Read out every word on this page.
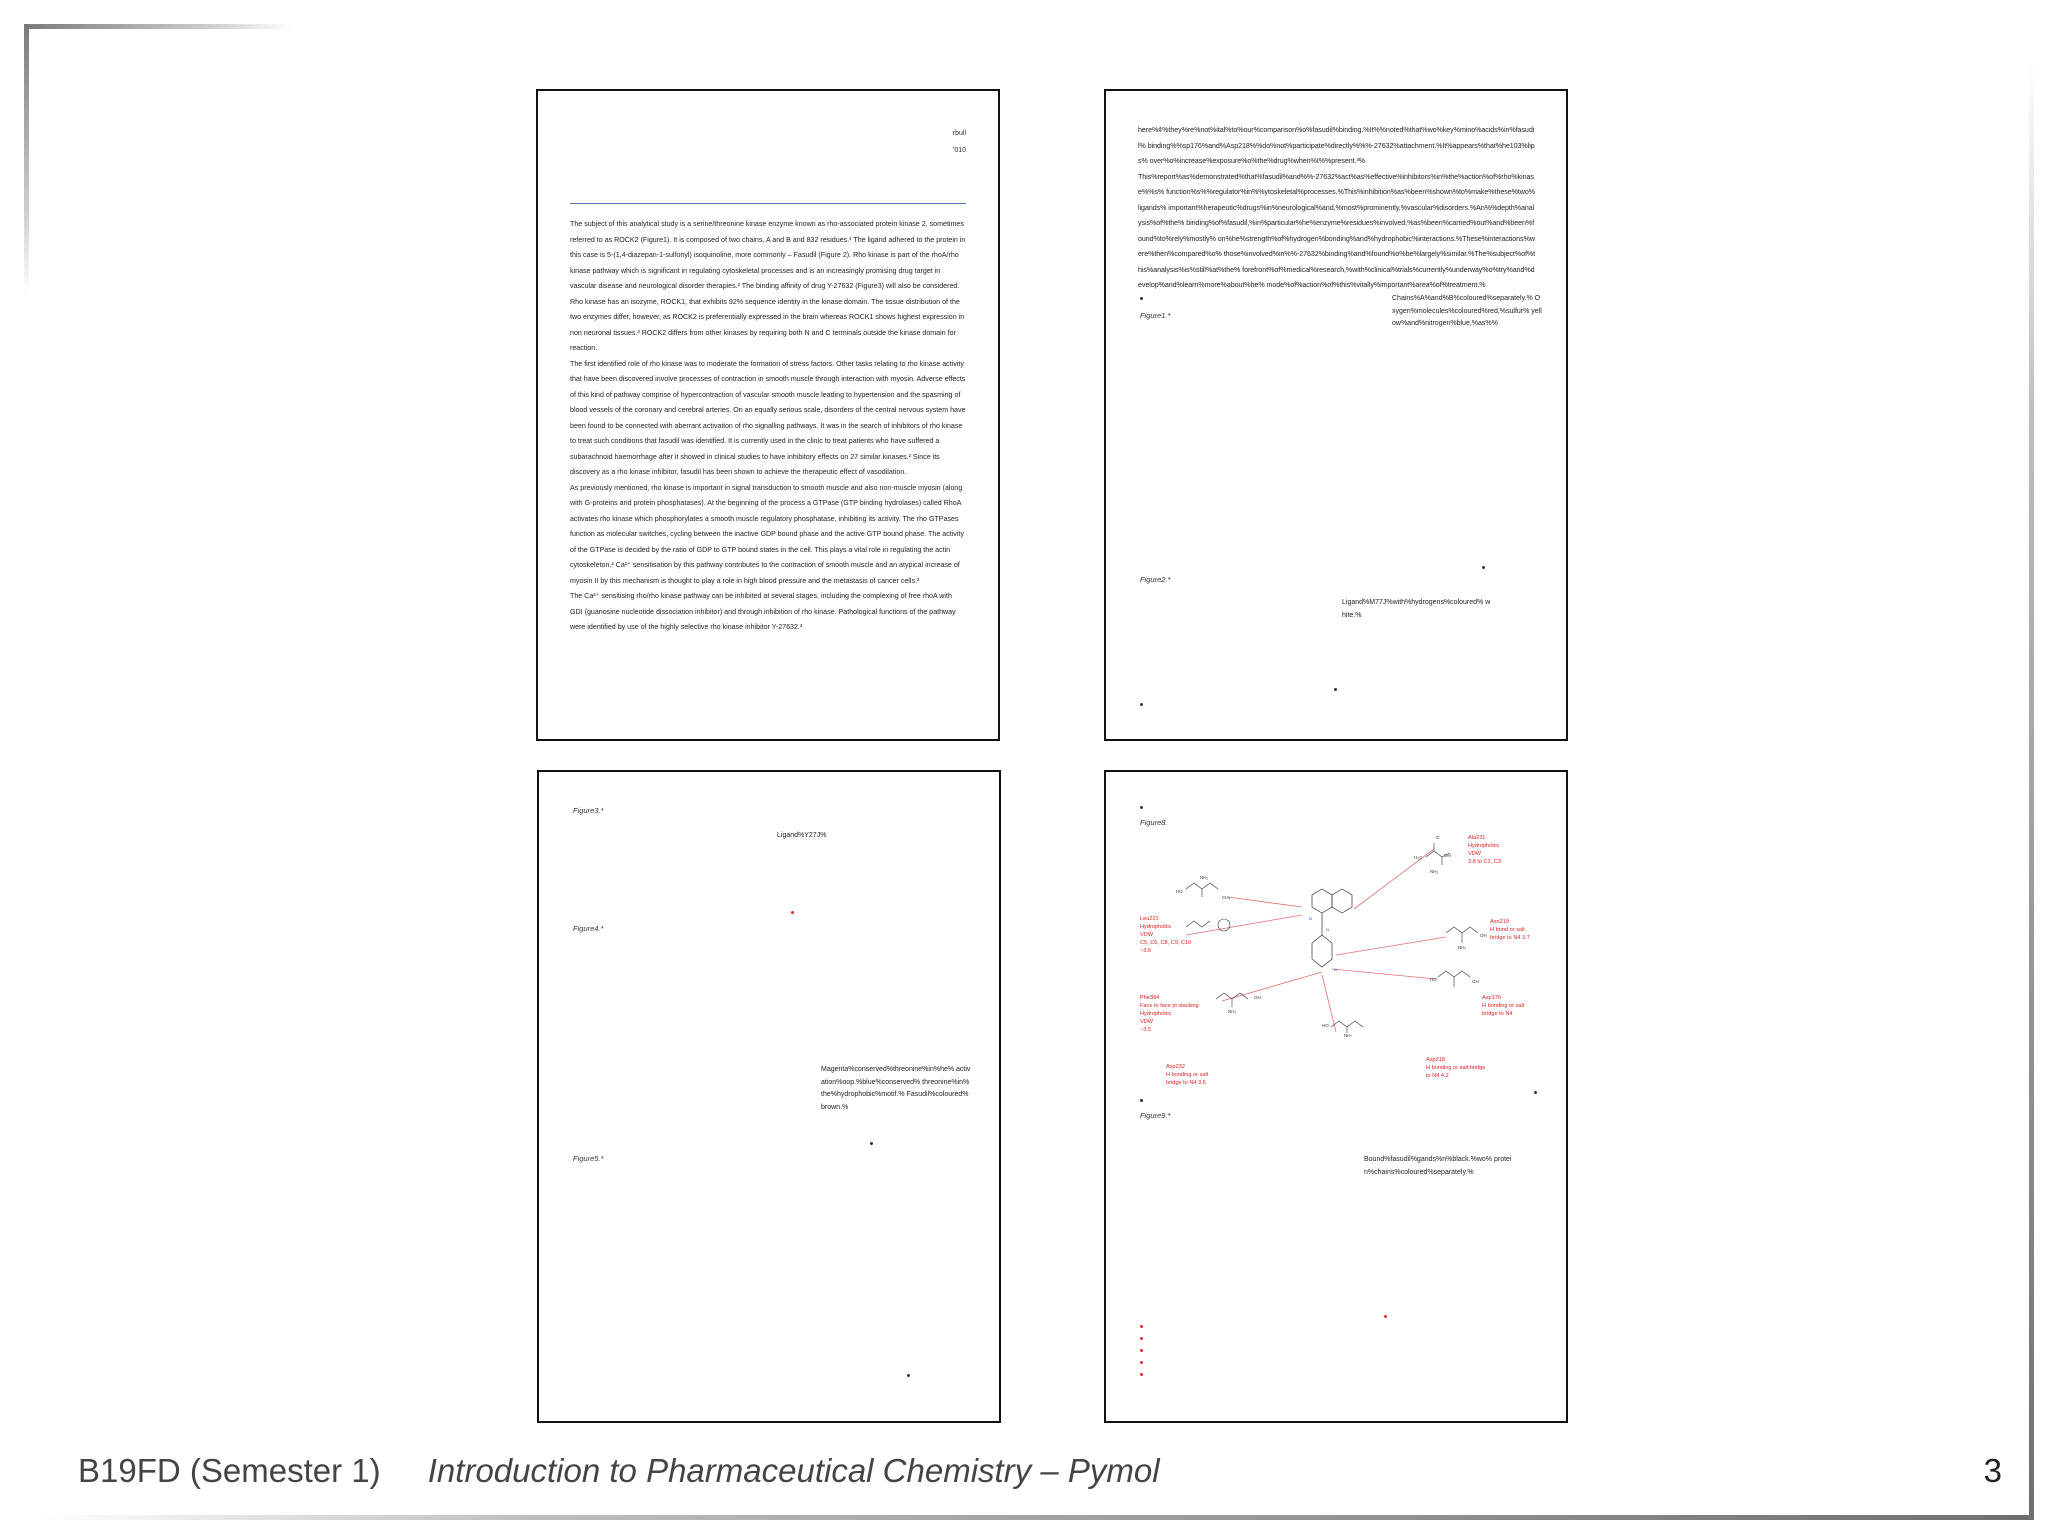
rbull
'010

The subject of this analytical study is a serine/threonine kinase enzyme known as rho-associated protein kinase 2, sometimes referred to as ROCK2 (Figure1). It is composed of two chains, A and B and 832 residues.¹ The ligand adhered to the protein in this case is 5-(1,4-diazepan-1-sulfonyl) isoquinoline, more commonly – Fasudil (Figure 2). Rho kinase is part of the rhoA/rho kinase pathway which is significant in regulating cytoskeletal processes and is an increasingly promising drug target in vascular disease and neurological disorder therapies.² The binding affinity of drug Y-27632 (Figure3) will also be considered.

Rho kinase has an isozyme, ROCK1, that exhibits 92% sequence identity in the kinase domain. The tissue distribution of the two enzymes differ, however, as ROCK2 is preferentially expressed in the brain whereas ROCK1 shows highest expression in non neuronal tissues.³ ROCK2 differs from other kinases by requiring both N and C terminals outside the kinase domain for reaction.

The first identified role of rho kinase was to moderate the formation of stress factors. Other tasks relating to rho kinase activity that have been discovered involve processes of contraction in smooth muscle through interaction with myosin. Adverse effects of this kind of pathway comprise of hypercontraction of vascular smooth muscle leading to hypertension and the spasming of blood vessels of the coronary and cerebral arteries. On an equally serious scale, disorders of the central nervous system have been found to be connected with aberrant activation of rho signalling pathways. It was in the search of inhibitors of rho kinase to treat such conditions that fasudil was identified. It is currently used in the clinic to treat patients who have suffered a subarachnoid haemorrhage after it showed in clinical studies to have inhibitory effects on 27 similar kinases.² Since its discovery as a rho kinase inhibitor, fasudil has been shown to achieve the therapeutic effect of vasodilation.

As previously mentioned, rho kinase is important in signal transduction to smooth muscle and also non-muscle myosin (along with G-proteins and protein phosphatases). At the beginning of the process a GTPase (GTP binding hydrolases) called RhoA activates rho kinase which phosphorylates a smooth muscle regulatory phosphatase, inhibiting its activity. The rho GTPases function as molecular switches, cycling between the inactive GDP bound phase and the active GTP bound phase. The activity of the GTPase is decided by the ratio of GDP to GTP bound states in the cell. This plays a vital role in regulating the actin cytoskeleton.² Ca²⁺ sensitisation by this pathway contributes to the contraction of smooth muscle and an atypical increase of myosin II by this mechanism is thought to play a role in high blood pressure and the metastasis of cancer cells.²

The Ca²⁺ sensitising rho/rho kinase pathway can be inhibited at several stages, including the complexing of free rhoA with GDI (guanosine nucleotide dissociation inhibitor) and through inhibition of rho kinase. Pathological functions of the pathway were identified by use of the highly selective rho kinase inhibitor Y-27632.³

here%¢%they%re%not%ital%to%our%comparison%o%fasudil%binding.%It%%noted%that%wo%key%mino%acids%in%fasudil% binding%%sp176%and%Asp218%%do%not%participate%directly%%%-27632%attachment.%It%appears%that%he103%lips% over%o%increase%exposure%o%the%drug%when%I%%present.³%

This%report%as%demonstrated%that%fasudil%and%%-27632%act%as%effective%inhibitors%in%the%action%of%rho%kinase%%s% function%s%%regulator%in%%ytoskeletal%processes.%This%inhibition%as%been%shown%to%make%these%two%ligands% important%herapeutic%drugs%in%neurological%and,%most%prominently,%vascular%disorders.%An%%depth%analysis%of%the% binding%of%fasudil,%in%particular%he%enzyme%residues%involved,%as%been%carried%out%and%been%found%to%rely%mostly% on%he%strength%of%hydrogen%bonding%and%hydrophobic%interactions.%These%interactions%were%then%compared%o% those%involved%in%%-27632%binding%and%found%o%be%largely%similar.%The%subject%of%this%analysis%is%still%at%the% forefront%of%medical%research,%with%clinical%trials%currently%underway%o%try%and%develop%and%learn%more%about%he% mode%of%action%of%this%vitally%important%area%of%treatment.%

Figure1.*
Chains%A%and%B%coloured%separately.% Oxygen%molecules%coloured%red,%sulfur% yellow%and%nitrogen%blue,%as%%
Figure2.*
Ligand%M77J%with%hydrogens%coloured% white.%
Figure3.*
Ligand%Y27J%
Figure4.*
Magenta%conserved%threonine%in%he% activation%oop.%blue%conserved% threonine%in%the%hydrophobic%motif.% Fasudil%coloured%brown.%
Figure5.*
Figure8.
N
N
N
H₃C	OH
NH₂
O
HO
CH₃
NH₂
OH
NH₂
OH
HO
NH₂
OH
HO
NH₂
Ala231
Hydrophobic
VDW
3.8 to C2, C3
Leu221
Hydrophobic
VDW
C5, C6, C8, C9, C10
~3.6
Phe384
Face to face pi stacking
Hydrophobic
VDW
~3.5
Asn219
H bond or salt
bridge to N4 3.7
Asp176
H bonding or salt
bridge to N4
Asp218
H bonding or salt bridge
to N4 4.2
Asp232
H bonding or salt
bridge to N4 3.6
Figure9.*
Bound%fasudil%gands%n%black.%wo% protein%chains%coloured%separately.%
B19FD (Semester 1) Introduction to Pharmaceutical Chemistry – Pymol	3
